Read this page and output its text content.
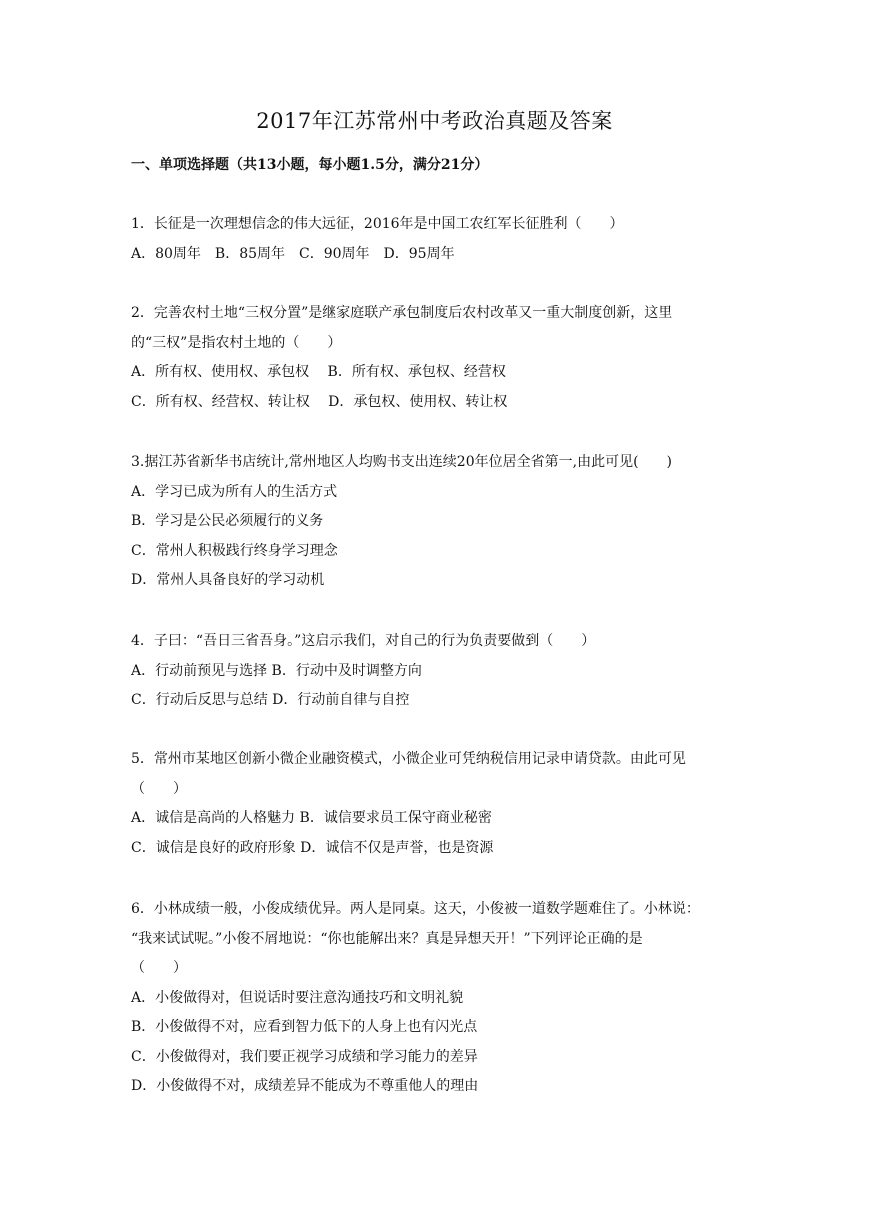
2017年江苏常州中考政治真题及答案
一、单项选择题（共13小题，每小题1.5分，满分21分）
1．长征是一次理想信念的伟大远征，2016年是中国工农红军长征胜利（　　）
A．80周年　B．85周年　C．90周年　D．95周年
2．完善农村土地“三权分置”是继家庭联产承包制度后农村改革又一重大制度创新，这里
的“三权”是指农村土地的（　　）
A．所有权、使用权、承包权　 B．所有权、承包权、经营权
C．所有权、经营权、转让权　 D．承包权、使用权、转让权
3.据江苏省新华书店统计,常州地区人均购书支出连续20年位居全省第一,由此可见(　　)
A．学习已成为所有人的生活方式
B．学习是公民必须履行的义务
C．常州人积极践行终身学习理念
D．常州人具备良好的学习动机
4．子曰：“吾日三省吾身。”这启示我们，对自己的行为负责要做到（　　）
A．行动前预见与选择 B．行动中及时调整方向
C．行动后反思与总结 D．行动前自律与自控
5．常州市某地区创新小微企业融资模式，小微企业可凭纳税信用记录申请贷款。由此可见
（　　）
A．诚信是高尚的人格魅力 B．诚信要求员工保守商业秘密
C．诚信是良好的政府形象 D．诚信不仅是声誉，也是资源
6．小林成绩一般，小俊成绩优异。两人是同桌。这天，小俊被一道数学题难住了。小林说：
“我来试试呢。”小俊不屑地说：“你也能解出来？真是异想天开！”下列评论正确的是
（　　）
A．小俊做得对，但说话时要注意沟通技巧和文明礼貌
B．小俊做得不对，应看到智力低下的人身上也有闪光点
C．小俊做得对，我们要正视学习成绩和学习能力的差异
D．小俊做得不对，成绩差异不能成为不尊重他人的理由
